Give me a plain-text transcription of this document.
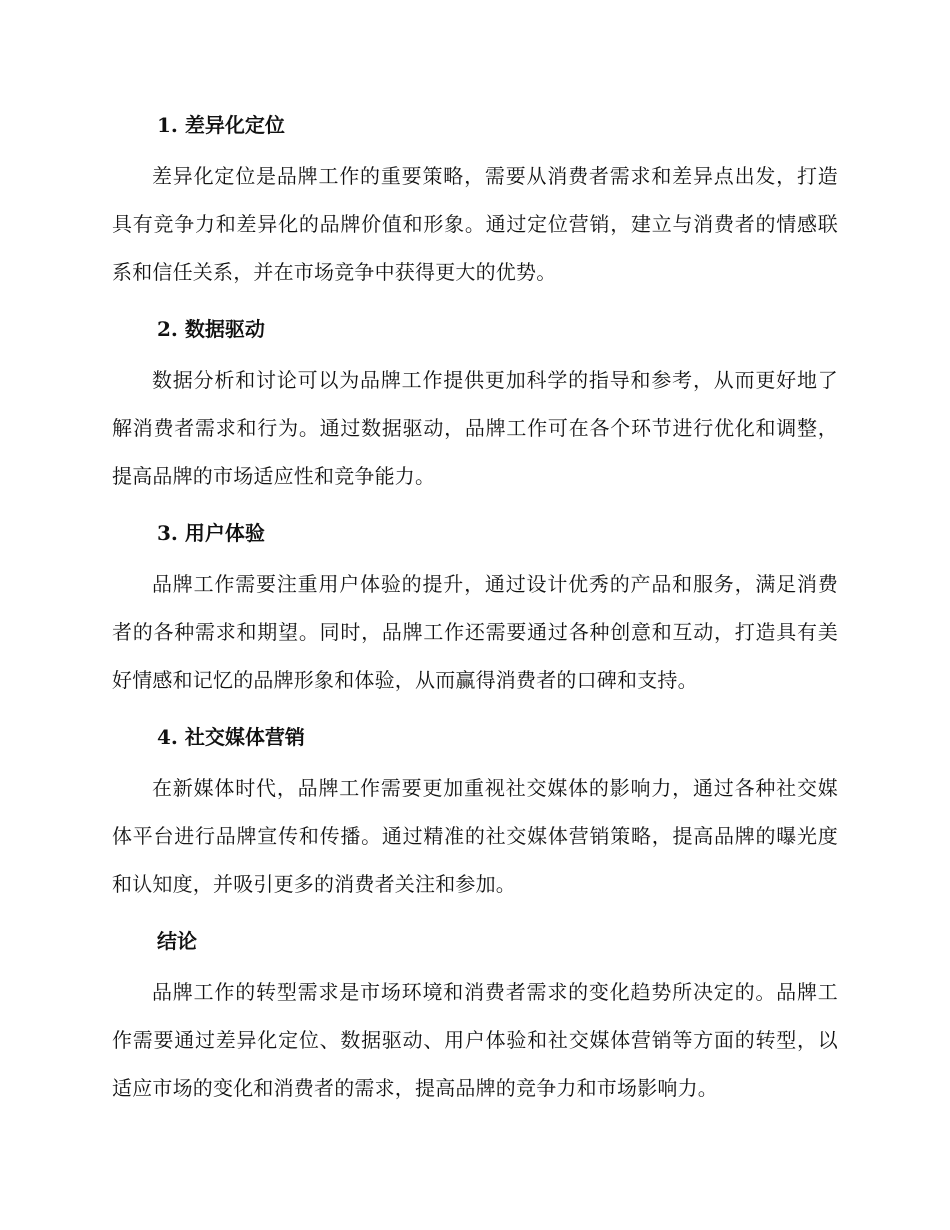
1. 差异化定位

差异化定位是品牌工作的重要策略，需要从消费者需求和差异点出发，打造具有竞争力和差异化的品牌价值和形象。通过定位营销，建立与消费者的情感联系和信任关系，并在市场竞争中获得更大的优势。

2. 数据驱动

数据分析和讨论可以为品牌工作提供更加科学的指导和参考，从而更好地了解消费者需求和行为。通过数据驱动，品牌工作可在各个环节进行优化和调整，提高品牌的市场适应性和竞争能力。

3. 用户体验

品牌工作需要注重用户体验的提升，通过设计优秀的产品和服务，满足消费者的各种需求和期望。同时，品牌工作还需要通过各种创意和互动，打造具有美好情感和记忆的品牌形象和体验，从而赢得消费者的口碑和支持。

4. 社交媒体营销

在新媒体时代，品牌工作需要更加重视社交媒体的影响力，通过各种社交媒体平台进行品牌宣传和传播。通过精准的社交媒体营销策略，提高品牌的曝光度和认知度，并吸引更多的消费者关注和参加。

结论

品牌工作的转型需求是市场环境和消费者需求的变化趋势所决定的。品牌工作需要通过差异化定位、数据驱动、用户体验和社交媒体营销等方面的转型，以适应市场的变化和消费者的需求，提高品牌的竞争力和市场影响力。
